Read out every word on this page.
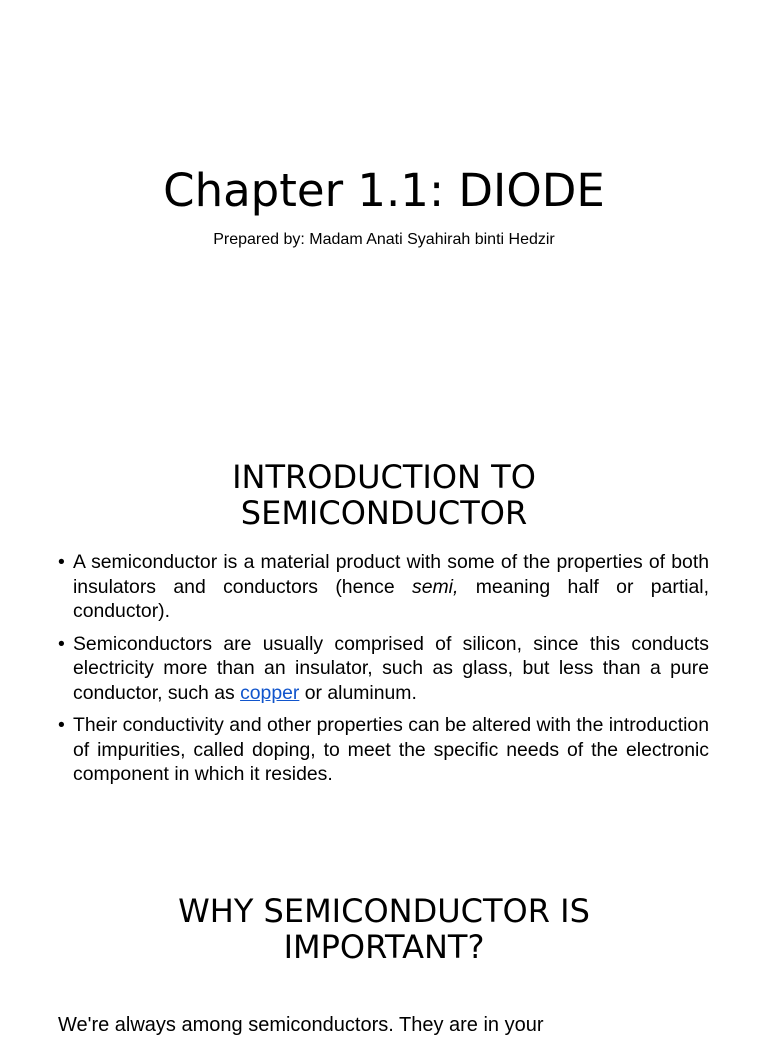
Chapter 1.1: DIODE

Prepared by: Madam Anati Syahirah binti Hedzir

INTRODUCTION TO
SEMICONDUCTOR
• A semiconductor is a material product with some of the properties of both insulators and conductors (hence semi, meaning half or partial, conductor).
• Semiconductors are usually comprised of silicon, since this conducts electricity more than an insulator, such as glass, but less than a pure conductor, such as copper or aluminum.
• Their conductivity and other properties can be altered with the introduction of impurities, called doping, to meet the specific needs of the electronic component in which it resides.
WHY SEMICONDUCTOR IS
IMPORTANT?

We're always among semiconductors. They are in your
